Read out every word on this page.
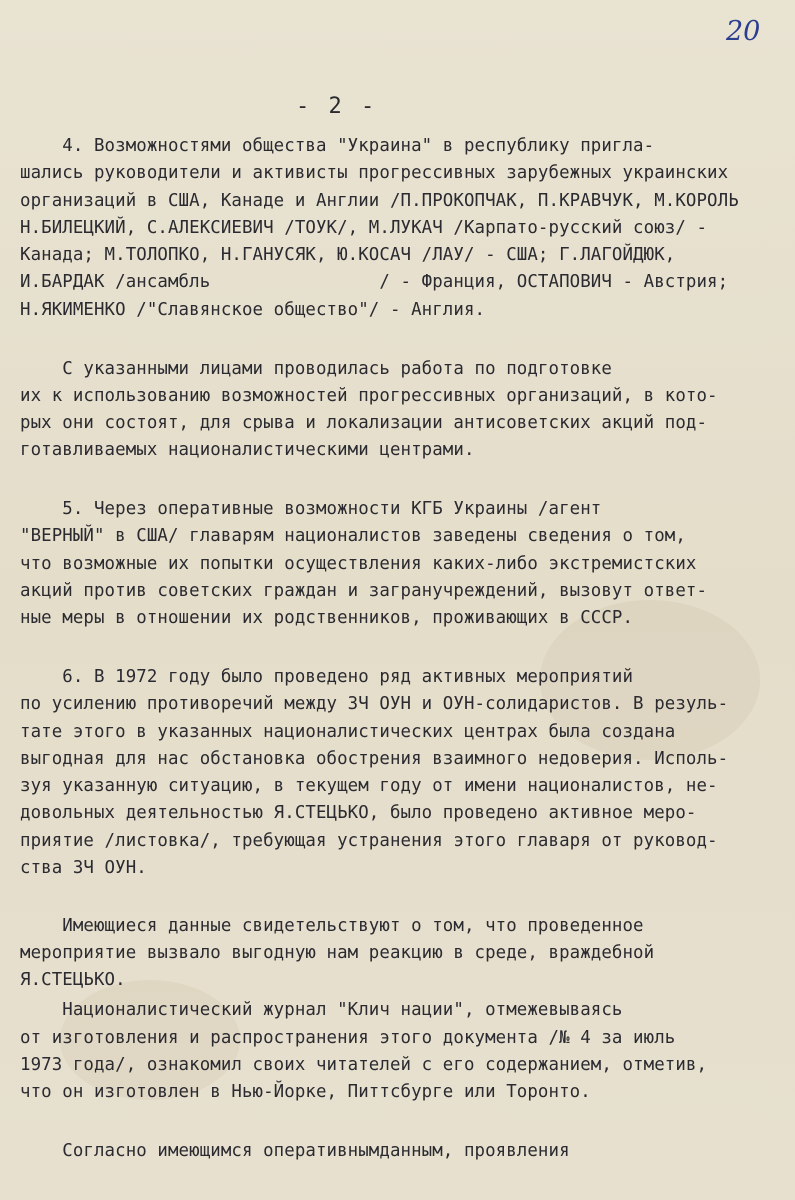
20
- 2 -
4. Возможностями общества "Украина" в республику пригла-
шались руководители и активисты прогрессивных зарубежных украинских
организаций в США, Канаде и Англии /П.ПРОКОПЧАК, П.КРАВЧУК, М.КОРОЛЬ
Н.БИЛЕЦКИЙ, С.АЛЕКСИЕВИЧ /ТОУК/, М.ЛУКАЧ /Карпато-русский союз/ -
Канада; М.ТОЛОПКО, Н.ГАНУСЯК, Ю.КОСАЧ /ЛАУ/ - США; Г.ЛАГОЙДЮК,
И.БАРДАК /ансамбль                / - Франция, ОСТАПОВИЧ - Австрия;
Н.ЯКИМЕНКО /"Славянское общество"/ - Англия.
С указанными лицами проводилась работа по подготовке
их к использованию возможностей прогрессивных организаций, в кото-
рых они состоят, для срыва и локализации антисоветских акций под-
готавливаемых националистическими центрами.
5. Через оперативные возможности КГБ Украины /агент
"ВЕРНЫЙ" в США/ главарям националистов заведены сведения о том,
что возможные их попытки осуществления каких-либо экстремистских
акций против советских граждан и загранучреждений, вызовут ответ-
ные меры в отношении их родственников, проживающих в СССР.
6. В 1972 году было проведено ряд активных мероприятий
по усилению противоречий между ЗЧ ОУН и ОУН-солидаристов. В резуль-
тате этого в указанных националистических центрах была создана
выгодная для нас обстановка обострения взаимного недоверия. Исполь-
зуя указанную ситуацию, в текущем году от имени националистов, не-
довольных деятельностью Я.СТЕЦЬКО, было проведено активное меро-
приятие /листовка/, требующая устранения этого главаря от руковод-
ства ЗЧ ОУН.
Имеющиеся данные свидетельствуют о том, что проведенное
мероприятие вызвало выгодную нам реакцию в среде, враждебной
Я.СТЕЦЬКО.
Националистический журнал "Клич нации", отмежевываясь
от изготовления и распространения этого документа /№ 4 за июль
1973 года/, ознакомил своих читателей с его содержанием, отметив,
что он изготовлен в Нью-Йорке, Питтсбурге или Торонто.
Согласно имеющимся оперативнымданным, проявления
